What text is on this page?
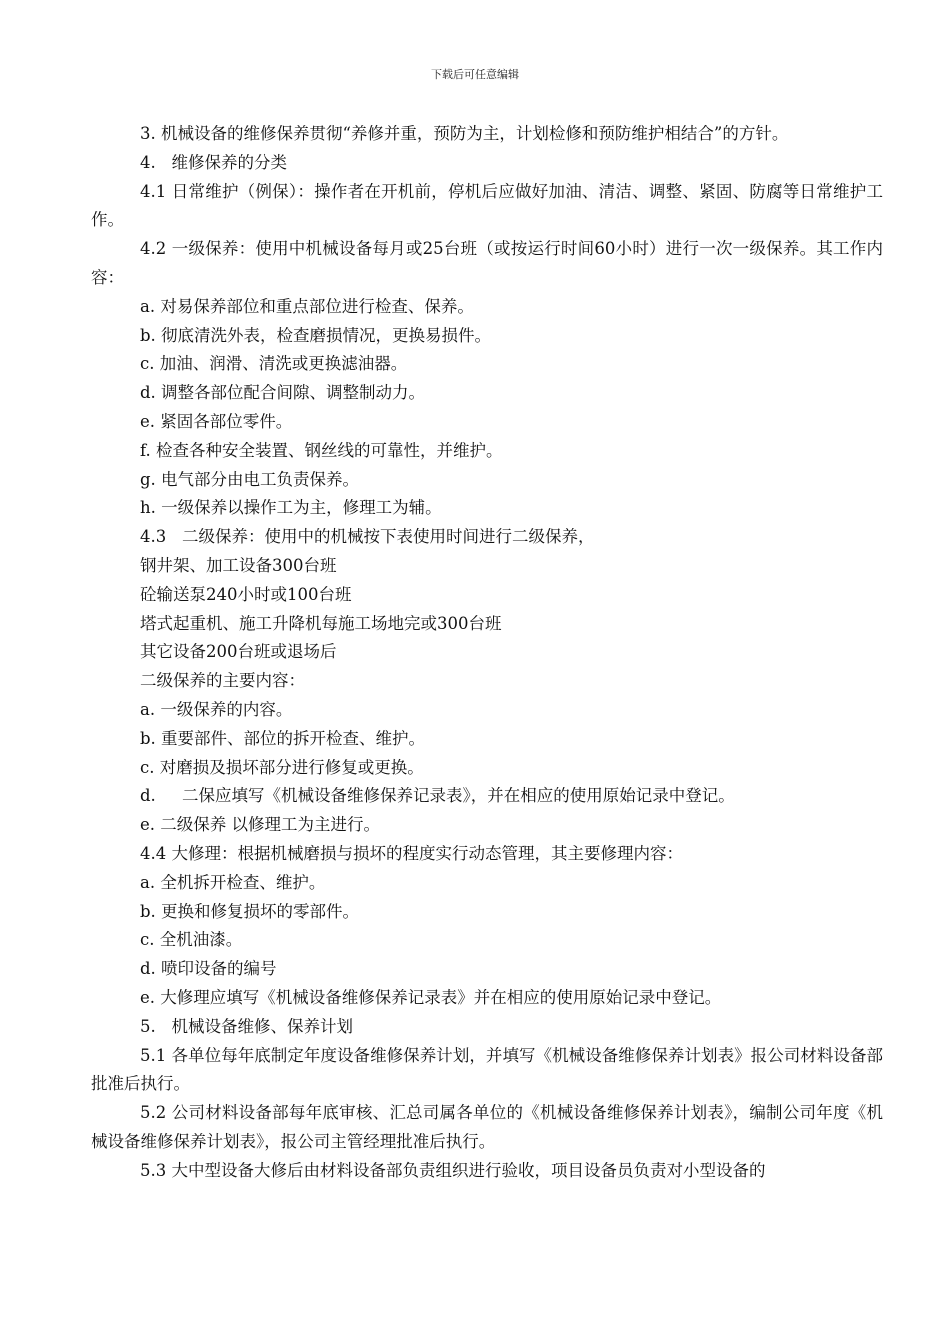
下载后可任意编辑

3. 机械设备的维修保养贯彻“养修并重，预防为主，计划检修和预防维护相结合”的方针。

4.   维修保养的分类

4.1 日常维护（例保）：操作者在开机前，停机后应做好加油、清洁、调整、紧固、防腐等日常维护工作。

4.2 一级保养：使用中机械设备每月或25台班（或按运行时间60小时）进行一次一级保养。其工作内容：

a. 对易保养部位和重点部位进行检查、保养。

b. 彻底清洗外表，检查磨损情况，更换易损件。

c. 加油、润滑、清洗或更换滤油器。

d. 调整各部位配合间隙、调整制动力。

e. 紧固各部位零件。

f. 检查各种安全装置、钢丝线的可靠性，并维护。

g. 电气部分由电工负责保养。

h. 一级保养以操作工为主，修理工为辅。

4.3   二级保养：使用中的机械按下表使用时间进行二级保养，

钢井架、加工设备300台班

砼输送泵240小时或100台班

塔式起重机、施工升降机每施工场地完或300台班

其它设备200台班或退场后

二级保养的主要内容：

a. 一级保养的内容。

b. 重要部件、部位的拆开检查、维护。

c. 对磨损及损坏部分进行修复或更换。

d.     二保应填写《机械设备维修保养记录表》，并在相应的使用原始记录中登记。

e. 二级保养 以修理工为主进行。

4.4 大修理：根据机械磨损与损坏的程度实行动态管理，其主要修理内容：

a. 全机拆开检查、维护。

b. 更换和修复损坏的零部件。

c. 全机油漆。

d. 喷印设备的编号

e. 大修理应填写《机械设备维修保养记录表》并在相应的使用原始记录中登记。

5.   机械设备维修、保养计划

5.1 各单位每年底制定年度设备维修保养计划，并填写《机械设备维修保养计划表》报公司材料设备部批准后执行。

5.2 公司材料设备部每年底审核、汇总司属各单位的《机械设备维修保养计划表》，编制公司年度《机械设备维修保养计划表》，报公司主管经理批准后执行。

5.3 大中型设备大修后由材料设备部负责组织进行验收，项目设备员负责对小型设备的
